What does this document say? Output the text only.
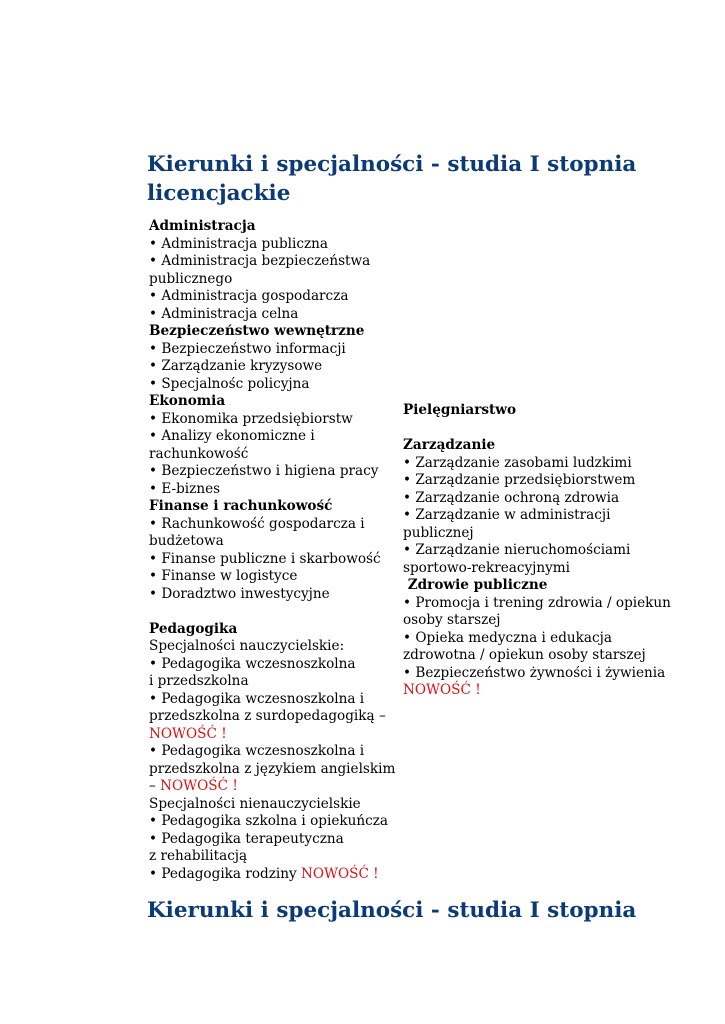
Kierunki i specjalności - studia I stopnia licencjackie
Administracja
• Administracja publiczna
• Administracja bezpieczeństwa
publicznego
• Administracja gospodarcza
• Administracja celna
Bezpieczeństwo wewnętrzne
• Bezpieczeństwo informacji
• Zarządzanie kryzysowe
• Specjalnośc policyjna
Ekonomia
• Ekonomika przedsiębiorstw
• Analizy ekonomiczne i
rachunkowość
• Bezpieczeństwo i higiena pracy
• E-biznes
Finanse i rachunkowość
• Rachunkowość gospodarcza i
budżetowa
• Finanse publiczne i skarbowość
• Finanse w logistyce
• Doradztwo inwestycyjne
Pedagogika
Specjalności nauczycielskie:
• Pedagogika wczesnoszkolna
i przedszkolna
• Pedagogika wczesnoszkolna i
przedszkolna z surdopedagogiką –
NOWOŚĆ !
• Pedagogika wczesnoszkolna i
przedszkolna z językiem angielskim
– NOWOŚĆ !
Specjalności nienauczycielskie
• Pedagogika szkolna i opiekuńcza
• Pedagogika terapeutyczna
z rehabilitacją
• Pedagogika rodziny NOWOŚĆ !
Pielęgniarstwo
Zarządzanie
• Zarządzanie zasobami ludzkimi
• Zarządzanie przedsiębiorstwem
• Zarządzanie ochroną zdrowia
• Zarządzanie w administracji
publicznej
• Zarządzanie nieruchomościami
sportowo-rekreacyjnymi
Zdrowie publiczne
• Promocja i trening zdrowia / opiekun
osoby starszej
• Opieka medyczna i edukacja
zdrowotna / opiekun osoby starszej
• Bezpieczeństwo żywności i żywienia
NOWOŚĆ !
Kierunki i specjalności - studia I stopnia
